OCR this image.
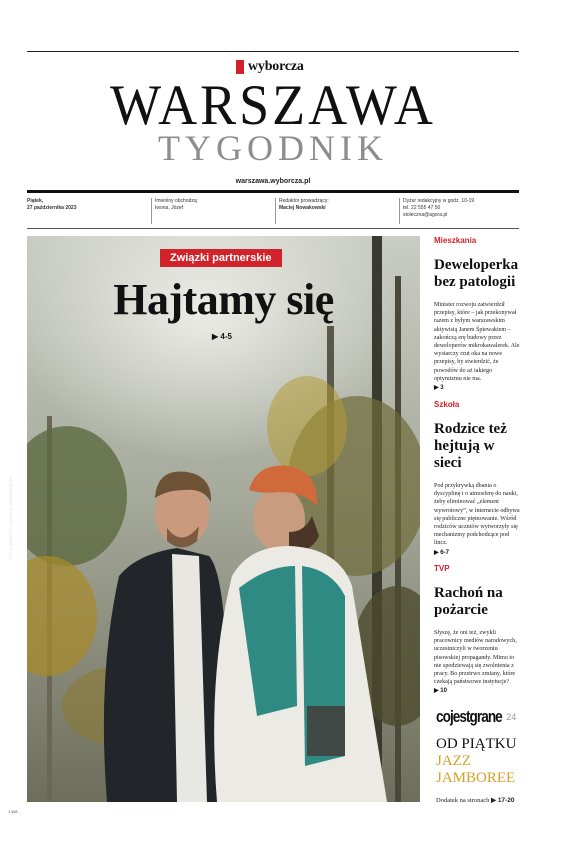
wyborcza
WARSZAWA
TYGODNIK
warszawa.wyborcza.pl
Piątek,
27 października 2023
Imieniny obchodzą:
Iwona, Józef
Redaktor prowadzący:
Maciej Nowakowski
Dyżur redakcyjny w godz. 10-19
tel. 22 555 47 50
stoleczna@agora.pl
Związki partnerskie
Hajtamy się
▶ 4-5
FOT. KUBA ATYS / AGENCJA WYBORCZA.PL
1 WA
Mieszkania
Deweloperka bez patologii
Minister rozwoju zatwierdził przepisy, które – jak przekonywał razem z byłym warszawskim aktywistą Janem Śpiewakiem – zakończą erę budowy przez deweloperów mikrokawalerek. Ale wystarczy rzut oka na nowe przepisy, by stwierdzić, że powodów do aż takiego optymizmu nie ma.
▶ 3
Szkoła
Rodzice też hejtują w sieci
Pod przykrywką dbania o dyscyplinę i o atmosferę do nauki, żeby eliminować „element wywrotowy”, w internecie odbywa się publiczne piętnowanie. Wśród rodziców uczniów wytworzyły się mechanizmy podchodzące pod lincz.
▶ 6-7
TVP
Rachoń na pożarcie
Słyszę, że oni też, zwykli pracownicy mediów narodowych, uczestniczyli w tworzeniu pisowskiej propagandy. Mimo to nie spodziewają się zwolnienia z pracy. Bo przetrwo zmiany, które czekają państwowe instytucje?
▶ 10
cojestgrane 24
OD PIĄTKU
JAZZ
JAMBOREE
Dodatek na stronach ▶ 17-20
